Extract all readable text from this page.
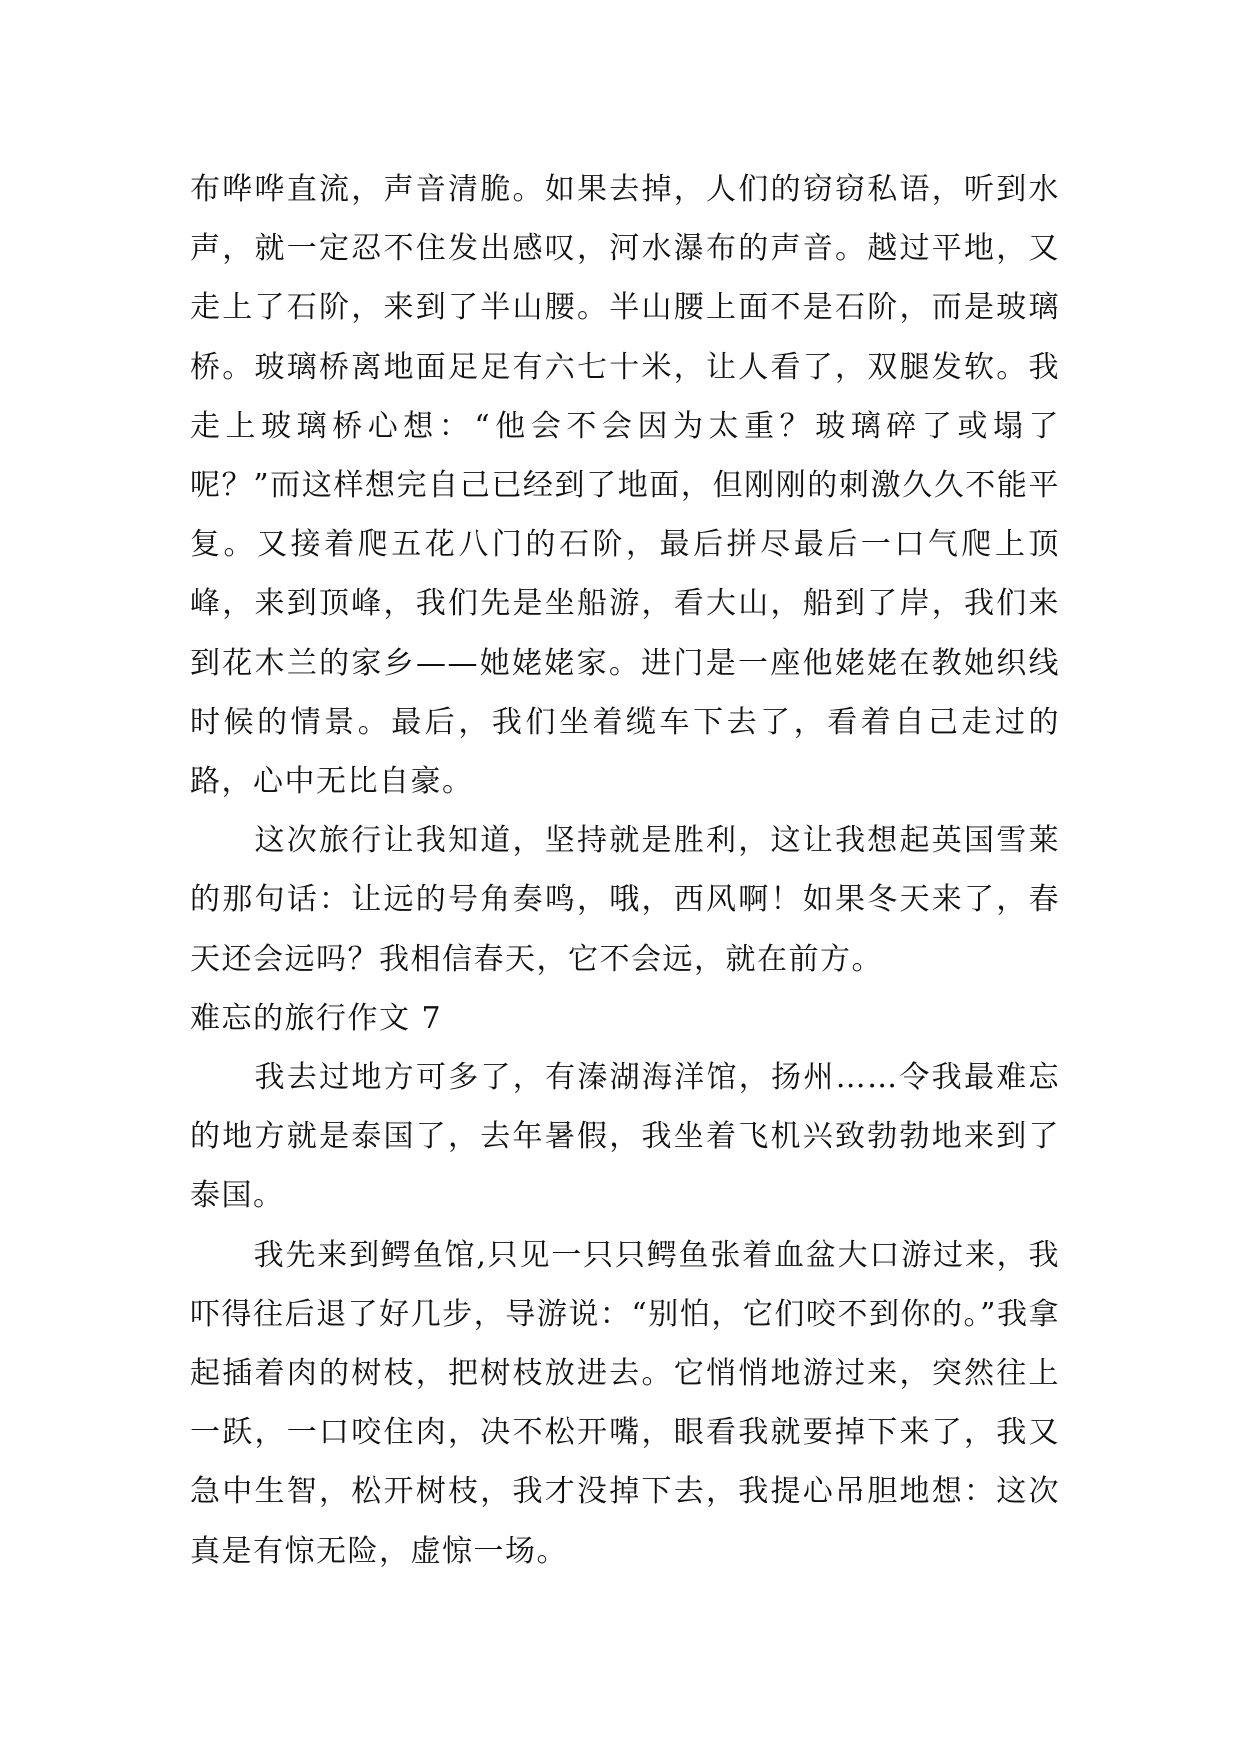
布哗哗直流，声音清脆。如果去掉，人们的窃窃私语，听到水声，就一定忍不住发出感叹，河水瀑布的声音。越过平地，又走上了石阶，来到了半山腰。半山腰上面不是石阶，而是玻璃桥。玻璃桥离地面足足有六七十米，让人看了，双腿发软。我走上玻璃桥心想：“他会不会因为太重？玻璃碎了或塌了呢？”而这样想完自己已经到了地面，但刚刚的刺激久久不能平复。又接着爬五花八门的石阶，最后拼尽最后一口气爬上顶峰，来到顶峰，我们先是坐船游，看大山，船到了岸，我们来到花木兰的家乡——她姥姥家。进门是一座他姥姥在教她织线时候的情景。最后，我们坐着缆车下去了，看着自己走过的路，心中无比自豪。

　　这次旅行让我知道，坚持就是胜利，这让我想起英国雪莱的那句话：让远的号角奏鸣，哦，西风啊！如果冬天来了，春天还会远吗？我相信春天，它不会远，就在前方。

难忘的旅行作文 7

　　我去过地方可多了，有溱湖海洋馆，扬州……令我最难忘的地方就是泰国了，去年暑假，我坐着飞机兴致勃勃地来到了泰国。

　　我先来到鳄鱼馆,只见一只只鳄鱼张着血盆大口游过来，我吓得往后退了好几步，导游说：“别怕，它们咬不到你的。”我拿起插着肉的树枝，把树枝放进去。它悄悄地游过来，突然往上一跃，一口咬住肉，决不松开嘴，眼看我就要掉下来了，我又急中生智，松开树枝，我才没掉下去，我提心吊胆地想：这次真是有惊无险，虚惊一场。
